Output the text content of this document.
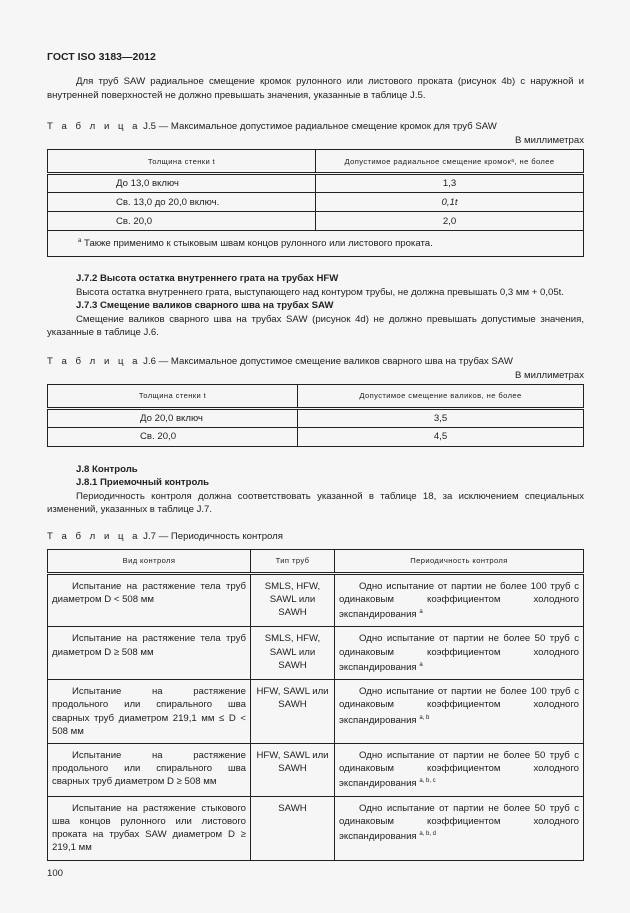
ГОСТ ISO 3183—2012
Для труб SAW радиальное смещение кромок рулонного или листового проката (рисунок 4b) с наружной и внутренней поверхностей не должно превышать значения, указанные в таблице J.5.
Т а б л и ц а J.5 — Максимальное допустимое радиальное смещение кромок для труб SAW
В миллиметрах
Толщина стенки t	Допустимое радиальное смещение кромокᵃ, не более
До 13,0 включ	1,3
Св. 13,0 до 20,0 включ.	0,1t
Св. 20,0	2,0
$^a$ Также применимо к стыковым швам концов рулонного или листового проката.	
J.7.2 Высота остатка внутреннего грата на трубах HFW
Высота остатка внутреннего грата, выступающего над контуром трубы, не должна превышать 0,3 мм + 0,05t.
J.7.3 Смещение валиков сварного шва на трубах SAW
Смещение валиков сварного шва на трубах SAW (рисунок 4d) не должно превышать допустимые значения, указанные в таблице J.6.
Т а б л и ц а J.6 — Максимальное допустимое смещение валиков сварного шва на трубах SAW
В миллиметрах
Толщина стенки t	Допустимое смещение валиков, не более
До 20,0 включ	3,5
Св. 20,0	4,5
J.8 Контроль
J.8.1 Приемочный контроль
Периодичность контроля должна соответствовать указанной в таблице 18, за исключением специальных изменений, указанных в таблице J.7.
Т а б л и ц а J.7 — Периодичность контроля
Вид контроля	Тип труб	Периодичность контроля
Испытание на растяжение тела труб диаметром D < 508 мм	SMLS, HFW, SAWL или SAWH	Одно испытание от партии не более 100 труб с одинаковым коэффициентом холодного экспандирования $^a$
Испытание на растяжение тела труб диаметром D ≥ 508 мм	SMLS, HFW, SAWL или SAWH	Одно испытание от партии не более 50 труб с одинаковым коэффициентом холодного экспандирования $^a$
Испытание на растяжение продольного или спирального шва сварных труб диаметром 219,1 мм ≤ D < 508 мм	HFW, SAWL или SAWH	Одно испытание от партии не более 100 труб с одинаковым коэффициентом холодного экспандирования $^{a, b}$
Испытание на растяжение продольного или спирального шва сварных труб диаметром D ≥ 508 мм	HFW, SAWL или SAWH	Одно испытание от партии не более 50 труб с одинаковым коэффициентом холодного экспандирования $^{a, b, c}$
Испытание на растяжение стыкового шва концов рулонного или листового проката на трубах SAW диаметром D ≥ 219,1 мм	SAWH	Одно испытание от партии не более 50 труб с одинаковым коэффициентом холодного экспандирования $^{a, b, d}$
100
